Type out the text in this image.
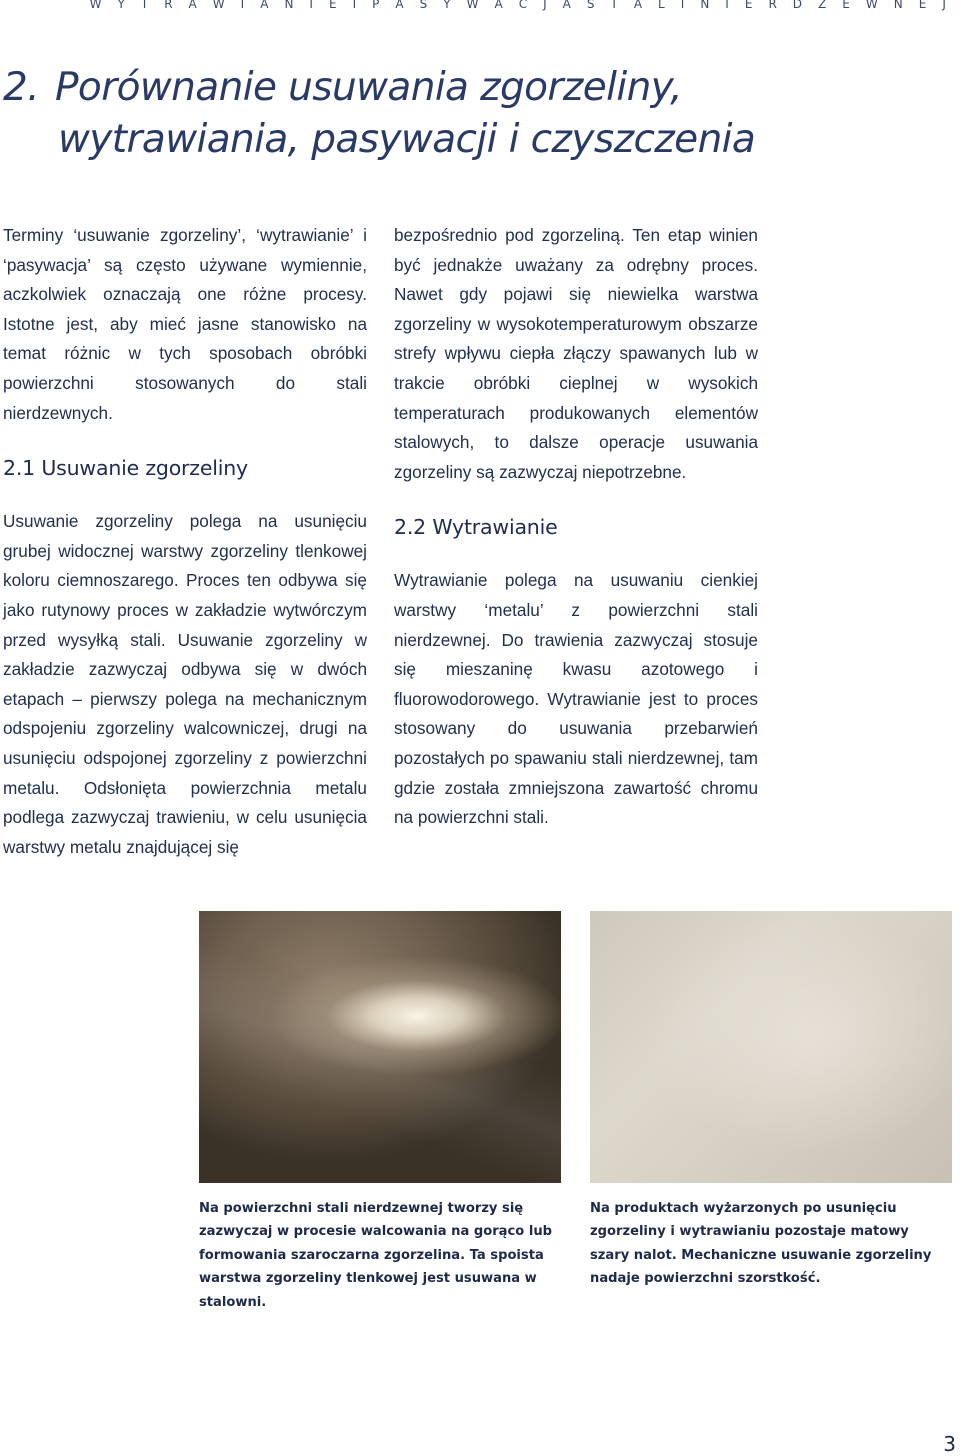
W Y T R A W I A N I E I P A S Y W A C J A S T A L I N I E R D Z E W N E J
2. Porównanie usuwania zgorzeliny,
wytrawiania, pasywacji i czyszczenia

Terminy ‘usuwanie zgorzeliny’, ‘wytrawianie’ i ‘pasywacja’ są często używane wymiennie, aczkolwiek oznaczają one różne procesy. Istotne jest, aby mieć jasne stanowisko na temat różnic w tych sposobach obróbki powierzchni stosowanych do stali nierdzewnych.

2.1 Usuwanie zgorzeliny

Usuwanie zgorzeliny polega na usunięciu grubej widocznej warstwy zgorzeliny tlenkowej koloru ciemnoszarego. Proces ten odbywa się jako rutynowy proces w zakładzie wytwórczym przed wysyłką stali. Usuwanie zgorzeliny w zakładzie zazwyczaj odbywa się w dwóch etapach – pierwszy polega na mechanicznym odspojeniu zgorzeliny walcowniczej, drugi na usunięciu odspojonej zgorzeliny z powierzchni metalu. Odsłonięta powierzchnia metalu podlega zazwyczaj trawieniu, w celu usunięcia warstwy metalu znajdującej się

bezpośrednio pod zgorzeliną. Ten etap winien być jednakże uważany za odrębny proces. Nawet gdy pojawi się niewielka warstwa zgorzeliny w wysokotemperaturowym obszarze strefy wpływu ciepła złączy spawanych lub w trakcie obróbki cieplnej w wysokich temperaturach produkowanych elementów stalowych, to dalsze operacje usuwania zgorzeliny są zazwyczaj niepotrzebne.

2.2 Wytrawianie

Wytrawianie polega na usuwaniu cienkiej warstwy ‘metalu’ z powierzchni stali nierdzewnej. Do trawienia zazwyczaj stosuje się mieszaninę kwasu azotowego i fluorowodorowego. Wytrawianie jest to proces stosowany do usuwania przebarwień pozostałych po spawaniu stali nierdzewnej, tam gdzie została zmniejszona zawartość chromu na powierzchni stali.

Na powierzchni stali nierdzewnej tworzy się zazwyczaj w procesie walcowania na gorąco lub formowania szaroczarna zgorzelina. Ta spoista warstwa zgorzeliny tlenkowej jest usuwana w stalowni.

Na produktach wyżarzonych po usunięciu zgorzeliny i wytrawianiu pozostaje matowy szary nalot. Mechaniczne usuwanie zgorzeliny nadaje powierzchni szorstkość.

3
